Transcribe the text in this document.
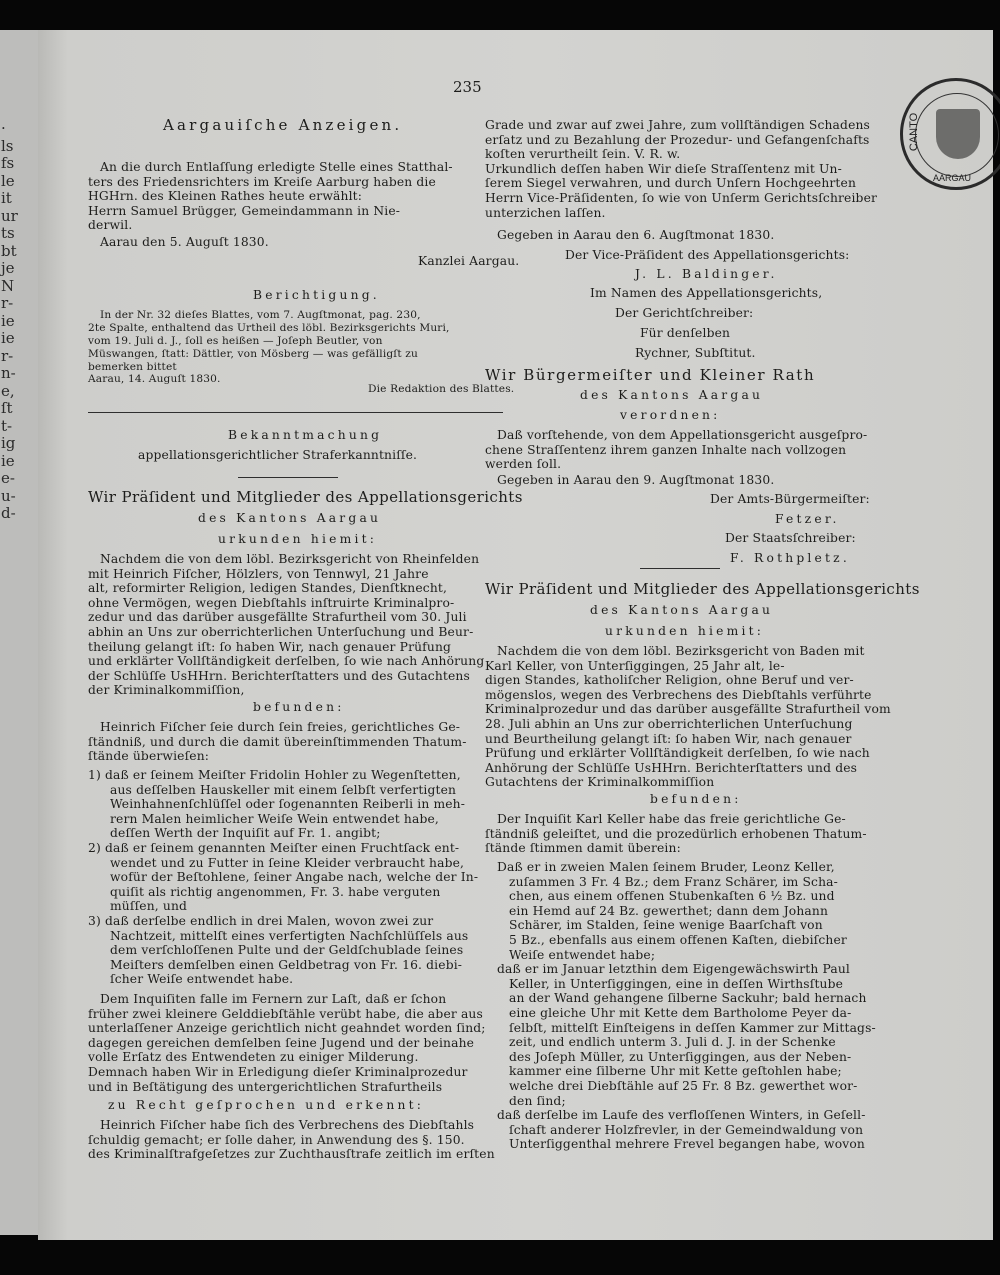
·
ls
fs
le
it
ur
ts
bt
je
N
r-
ie
ie
r-
n-
e,
ſt
t-
ig
ie
e-
u-
d-
235
CANTO
AARGAU
Aargauiſche Anzeigen.
An die durch Entlaſſung erledigte Stelle eines Statthal-
ters des Friedensrichters im Kreiſe Aarburg haben die
HGHrn. des Kleinen Rathes heute erwählt:
Herrn Samuel Brügger, Gemeindammann in Nie-
derwil.
Aarau den 5. Auguſt 1830.
Kanzlei Aargau.
Berichtigung.
In der Nr. 32 dieſes Blattes, vom 7. Augſtmonat, pag. 230,
2te Spalte, enthaltend das Urtheil des löbl. Bezirksgerichts Muri,
vom 19. Juli d. J., ſoll es heißen — Joſeph Beutler, von
Müswangen, ſtatt: Dättler, von Mösberg — was gefälligſt zu
bemerken bittet
Aarau, 14. Auguſt 1830.
Die Redaktion des Blattes.
Bekanntmachung
appellationsgerichtlicher Straferkanntniſſe.
Wir Präſident und Mitglieder des Appellationsgerichts
des Kantons Aargau
urkunden hiemit:
Nachdem die von dem löbl. Bezirksgericht von Rheinfelden
mit Heinrich Fiſcher, Hölzlers, von Tennwyl, 21 Jahre
alt, reformirter Religion, ledigen Standes, Dienſtknecht,
ohne Vermögen, wegen Diebſtahls inſtruirte Kriminalpro-
zedur und das darüber ausgefällte Strafurtheil vom 30. Juli
abhin an Uns zur oberrichterlichen Unterſuchung und Beur-
theilung gelangt iſt: ſo haben Wir, nach genauer Prüfung
und erklärter Vollſtändigkeit derſelben, ſo wie nach Anhörung
der Schlüſſe UsHHrn. Berichterſtatters und des Gutachtens
der Kriminalkommiſſion,
befunden:
Heinrich Fiſcher ſeie durch ſein freies, gerichtliches Ge-
ſtändniß, und durch die damit übereinſtimmenden Thatum-
ſtände überwieſen:
1) daß er ſeinem Meiſter Fridolin Hohler zu Wegenſtetten,
aus deſſelben Hauskeller mit einem ſelbſt verfertigten
Weinhahnenſchlüſſel oder ſogenannten Reiberli in meh-
rern Malen heimlicher Weiſe Wein entwendet habe,
deſſen Werth der Inquiſit auf Fr. 1. angibt;
2) daß er ſeinem genannten Meiſter einen Fruchtſack ent-
wendet und zu Futter in ſeine Kleider verbraucht habe,
wofür der Beſtohlene, ſeiner Angabe nach, welche der In-
quiſit als richtig angenommen, Fr. 3. habe verguten
müſſen, und
3) daß derſelbe endlich in drei Malen, wovon zwei zur
Nachtzeit, mittelſt eines verfertigten Nachſchlüſſels aus
dem verſchloſſenen Pulte und der Geldſchublade ſeines
Meiſters demſelben einen Geldbetrag von Fr. 16. diebi-
ſcher Weiſe entwendet habe.
Dem Inquiſiten falle im Fernern zur Laſt, daß er ſchon
früher zwei kleinere Gelddiebſtähle verübt habe, die aber aus
unterlaſſener Anzeige gerichtlich nicht geahndet worden ſind;
dagegen gereichen demſelben ſeine Jugend und der beinahe
volle Erſatz des Entwendeten zu einiger Milderung.
Demnach haben Wir in Erledigung dieſer Kriminalprozedur
und in Beſtätigung des untergerichtlichen Strafurtheils
zu Recht geſprochen und erkennt:
Heinrich Fiſcher habe ſich des Verbrechens des Diebſtahls
ſchuldig gemacht; er ſolle daher, in Anwendung des §. 150.
des Kriminalſtrafgeſetzes zur Zuchthausſtrafe zeitlich im erſten
Grade und zwar auf zwei Jahre, zum vollſtändigen Schadens
erſatz und zu Bezahlung der Prozedur- und Gefangenſchafts
koſten verurtheilt ſein. V. R. w.
Urkundlich deſſen haben Wir dieſe Straſſentenz mit Un-
ſerem Siegel verwahren, und durch Unſern Hochgeehrten
Herrn Vice-Präſidenten, ſo wie von Unſerm Gerichtsſchreiber
unterzichen laſſen.
Gegeben in Aarau den 6. Augſtmonat 1830.
Der Vice-Präſident des Appellationsgerichts:
J. L. Baldinger.
Im Namen des Appellationsgerichts,
Der Gerichtſchreiber:
Für denſelben
Rychner, Subſtitut.
Wir Bürgermeiſter und Kleiner Rath
des Kantons Aargau
verordnen:
Daß vorſtehende, von dem Appellationsgericht ausgeſpro-
chene Straſſentenz ihrem ganzen Inhalte nach vollzogen
werden ſoll.
Gegeben in Aarau den 9. Augſtmonat 1830.
Der Amts-Bürgermeiſter:
Fetzer.
Der Staatsſchreiber:
F. Rothpletz.
Wir Präſident und Mitglieder des Appellationsgerichts
des Kantons Aargau
urkunden hiemit:
Nachdem die von dem löbl. Bezirksgericht von Baden mit
Karl Keller, von Unterſiggingen, 25 Jahr alt, le-
digen Standes, katholiſcher Religion, ohne Beruf und ver-
mögenslos, wegen des Verbrechens des Diebſtahls verführte
Kriminalprozedur und das darüber ausgefällte Strafurtheil vom
28. Juli abhin an Uns zur oberrichterlichen Unterſuchung
und Beurtheilung gelangt iſt: ſo haben Wir, nach genauer
Prüfung und erklärter Vollſtändigkeit derſelben, ſo wie nach
Anhörung der Schlüſſe UsHHrn. Berichterſtatters und des
Gutachtens der Kriminalkommiſſion
befunden:
Der Inquiſit Karl Keller habe das freie gerichtliche Ge-
ſtändniß geleiſtet, und die prozedürlich erhobenen Thatum-
ſtände ſtimmen damit überein:
Daß er in zweien Malen ſeinem Bruder, Leonz Keller,
zuſammen 3 Fr. 4 Bz.; dem Franz Schärer, im Scha-
chen, aus einem offenen Stubenkaſten 6 ½ Bz. und
ein Hemd auf 24 Bz. gewerthet; dann dem Johann
Schärer, im Stalden, ſeine wenige Baarſchaft von
5 Bz., ebenfalls aus einem offenen Kaſten, diebiſcher
Weiſe entwendet habe;
daß er im Januar letzthin dem Eigengewächswirth Paul
Keller, in Unterſiggingen, eine in deſſen Wirthsſtube
an der Wand gehangene ſilberne Sackuhr; bald hernach
eine gleiche Uhr mit Kette dem Bartholome Peyer da-
ſelbſt, mittelſt Einſteigens in deſſen Kammer zur Mittags-
zeit, und endlich unterm 3. Juli d. J. in der Schenke
des Joſeph Müller, zu Unterſiggingen, aus der Neben-
kammer eine ſilberne Uhr mit Kette geſtohlen habe;
welche drei Diebſtähle auf 25 Fr. 8 Bz. gewerthet wor-
den ſind;
daß derſelbe im Laufe des verfloſſenen Winters, in Geſell-
ſchaft anderer Holzfrevler, in der Gemeindwaldung von
Unterſiggenthal mehrere Frevel begangen habe, wovon
